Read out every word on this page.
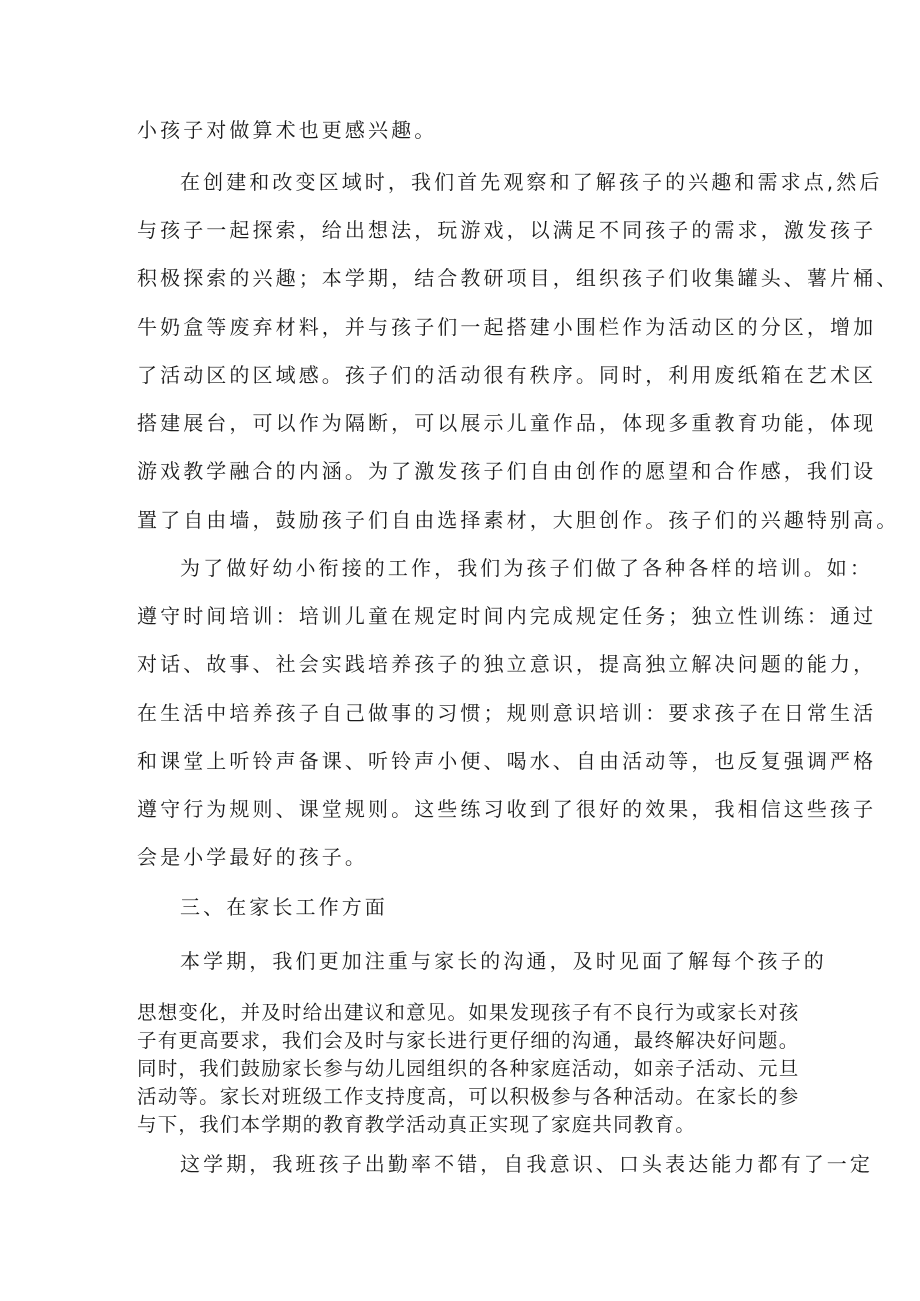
小孩子对做算术也更感兴趣。
在创建和改变区域时，我们首先观察和了解孩子的兴趣和需求点,然后
与孩子一起探索，给出想法，玩游戏，以满足不同孩子的需求，激发孩子
积极探索的兴趣；本学期，结合教研项目，组织孩子们收集罐头、薯片桶、
牛奶盒等废弃材料，并与孩子们一起搭建小围栏作为活动区的分区，增加
了活动区的区域感。孩子们的活动很有秩序。同时，利用废纸箱在艺术区
搭建展台，可以作为隔断，可以展示儿童作品，体现多重教育功能，体现
游戏教学融合的内涵。为了激发孩子们自由创作的愿望和合作感，我们设
置了自由墙，鼓励孩子们自由选择素材，大胆创作。孩子们的兴趣特别高。
为了做好幼小衔接的工作，我们为孩子们做了各种各样的培训。如：
遵守时间培训：培训儿童在规定时间内完成规定任务；独立性训练：通过
对话、故事、社会实践培养孩子的独立意识，提高独立解决问题的能力，
在生活中培养孩子自己做事的习惯；规则意识培训：要求孩子在日常生活
和课堂上听铃声备课、听铃声小便、喝水、自由活动等，也反复强调严格
遵守行为规则、课堂规则。这些练习收到了很好的效果，我相信这些孩子
会是小学最好的孩子。
三、在家长工作方面
本学期，我们更加注重与家长的沟通，及时见面了解每个孩子的
思想变化，并及时给出建议和意见。如果发现孩子有不良行为或家长对孩
子有更高要求，我们会及时与家长进行更仔细的沟通，最终解决好问题。
同时，我们鼓励家长参与幼儿园组织的各种家庭活动，如亲子活动、元旦
活动等。家长对班级工作支持度高，可以积极参与各种活动。在家长的参
与下，我们本学期的教育教学活动真正实现了家庭共同教育。
这学期，我班孩子出勤率不错，自我意识、口头表达能力都有了一定
